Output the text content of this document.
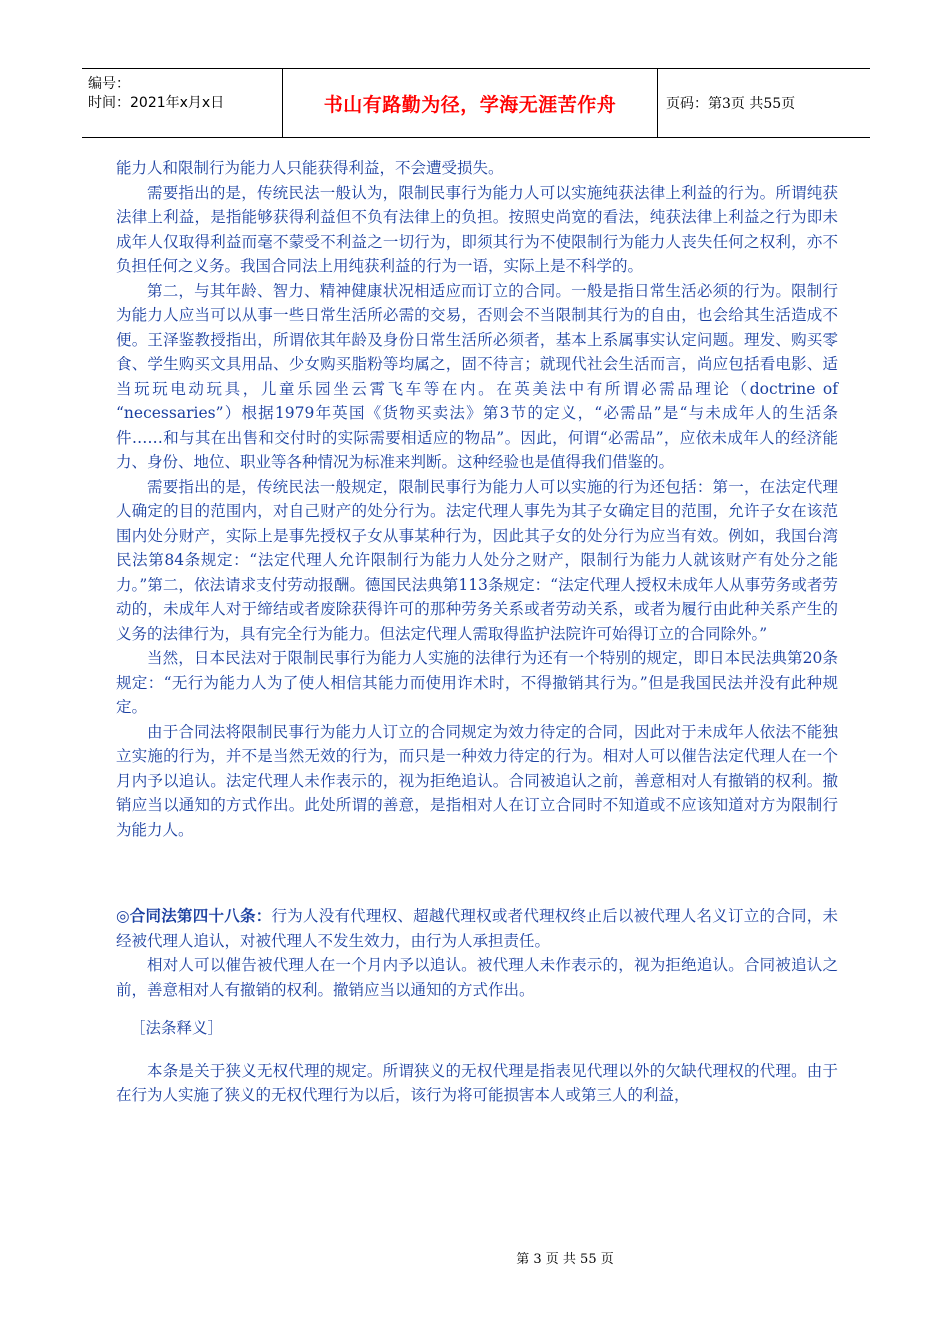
编号：
时间：2021年x月x日	书山有路勤为径，学海无涯苦作舟	页码：第3页 共55页

能力人和限制行为能力人只能获得利益，不会遭受损失。

需要指出的是，传统民法一般认为，限制民事行为能力人可以实施纯获法律上利益的行为。所谓纯获法律上利益，是指能够获得利益但不负有法律上的负担。按照史尚宽的看法，纯获法律上利益之行为即未成年人仅取得利益而毫不蒙受不利益之一切行为，即须其行为不使限制行为能力人丧失任何之权利，亦不负担任何之义务。我国合同法上用纯获利益的行为一语，实际上是不科学的。

第二，与其年龄、智力、精神健康状况相适应而订立的合同。一般是指日常生活必须的行为。限制行为能力人应当可以从事一些日常生活所必需的交易，否则会不当限制其行为的自由，也会给其生活造成不便。王泽鉴教授指出，所谓依其年龄及身份日常生活所必须者，基本上系属事实认定问题。理发、购买零食、学生购买文具用品、少女购买脂粉等均属之，固不待言；就现代社会生活而言，尚应包括看电影、适当玩玩电动玩具，儿童乐园坐云霄飞车等在内。在英美法中有所谓必需品理论（doctrine of “necessaries”）根据1979年英国《货物买卖法》第3节的定义，“必需品”是“与未成年人的生活条件……和与其在出售和交付时的实际需要相适应的物品”。因此，何谓“必需品”，应依未成年人的经济能力、身份、地位、职业等各种情况为标准来判断。这种经验也是值得我们借鉴的。

需要指出的是，传统民法一般规定，限制民事行为能力人可以实施的行为还包括：第一，在法定代理人确定的目的范围内，对自己财产的处分行为。法定代理人事先为其子女确定目的范围，允许子女在该范围内处分财产，实际上是事先授权子女从事某种行为，因此其子女的处分行为应当有效。例如，我国台湾民法第84条规定：“法定代理人允许限制行为能力人处分之财产，限制行为能力人就该财产有处分之能力。”第二，依法请求支付劳动报酬。德国民法典第113条规定：“法定代理人授权未成年人从事劳务或者劳动的，未成年人对于缔结或者废除获得许可的那种劳务关系或者劳动关系，或者为履行由此种关系产生的义务的法律行为，具有完全行为能力。但法定代理人需取得监护法院许可始得订立的合同除外。”

当然，日本民法对于限制民事行为能力人实施的法律行为还有一个特别的规定，即日本民法典第20条规定：“无行为能力人为了使人相信其能力而使用诈术时，不得撤销其行为。”但是我国民法并没有此种规定。

由于合同法将限制民事行为能力人订立的合同规定为效力待定的合同，因此对于未成年人依法不能独立实施的行为，并不是当然无效的行为，而只是一种效力待定的行为。相对人可以催告法定代理人在一个月内予以追认。法定代理人未作表示的，视为拒绝追认。合同被追认之前，善意相对人有撤销的权利。撤销应当以通知的方式作出。此处所谓的善意，是指相对人在订立合同时不知道或不应该知道对方为限制行为能力人。

◎合同法第四十八条：行为人没有代理权、超越代理权或者代理权终止后以被代理人名义订立的合同，未经被代理人追认，对被代理人不发生效力，由行为人承担责任。

相对人可以催告被代理人在一个月内予以追认。被代理人未作表示的，视为拒绝追认。合同被追认之前，善意相对人有撤销的权利。撤销应当以通知的方式作出。

［法条释义］

本条是关于狭义无权代理的规定。所谓狭义的无权代理是指表见代理以外的欠缺代理权的代理。由于在行为人实施了狭义的无权代理行为以后，该行为将可能损害本人或第三人的利益，

第 3 页 共 55 页
